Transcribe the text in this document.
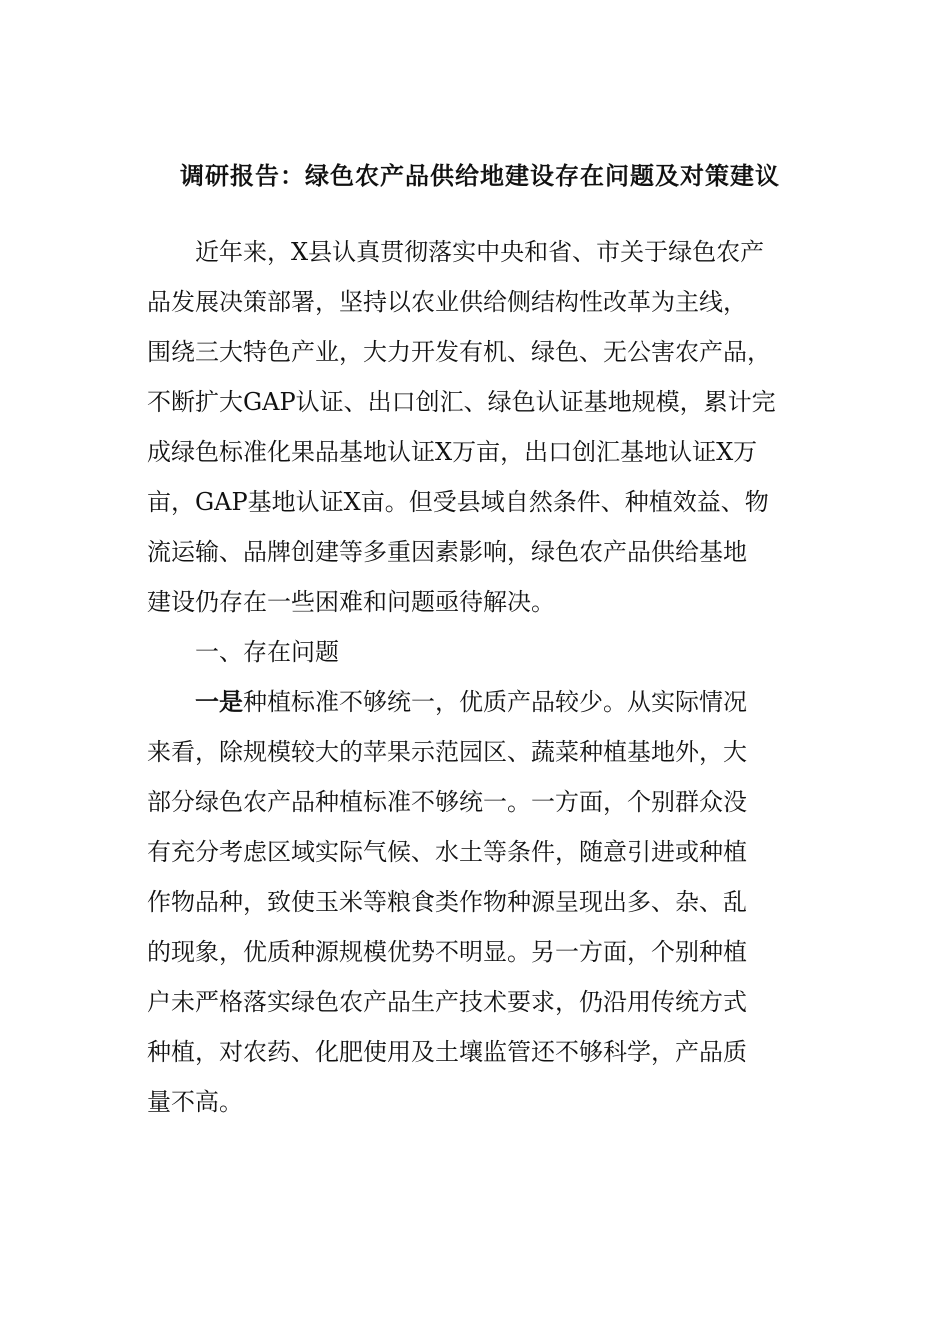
调研报告：绿色农产品供给地建设存在问题及对策建议
近年来，X县认真贯彻落实中央和省、市关于绿色农产
品发展决策部署，坚持以农业供给侧结构性改革为主线，
围绕三大特色产业，大力开发有机、绿色、无公害农产品，
不断扩大GAP认证、出口创汇、绿色认证基地规模，累计完
成绿色标准化果品基地认证X万亩，出口创汇基地认证X万
亩，GAP基地认证X亩。但受县域自然条件、种植效益、物
流运输、品牌创建等多重因素影响，绿色农产品供给基地
建设仍存在一些困难和问题亟待解决。
一、存在问题
一是种植标准不够统一，优质产品较少。从实际情况
来看，除规模较大的苹果示范园区、蔬菜种植基地外，大
部分绿色农产品种植标准不够统一。一方面，个别群众没
有充分考虑区域实际气候、水土等条件，随意引进或种植
作物品种，致使玉米等粮食类作物种源呈现出多、杂、乱
的现象，优质种源规模优势不明显。另一方面，个别种植
户未严格落实绿色农产品生产技术要求，仍沿用传统方式
种植，对农药、化肥使用及土壤监管还不够科学，产品质
量不高。
